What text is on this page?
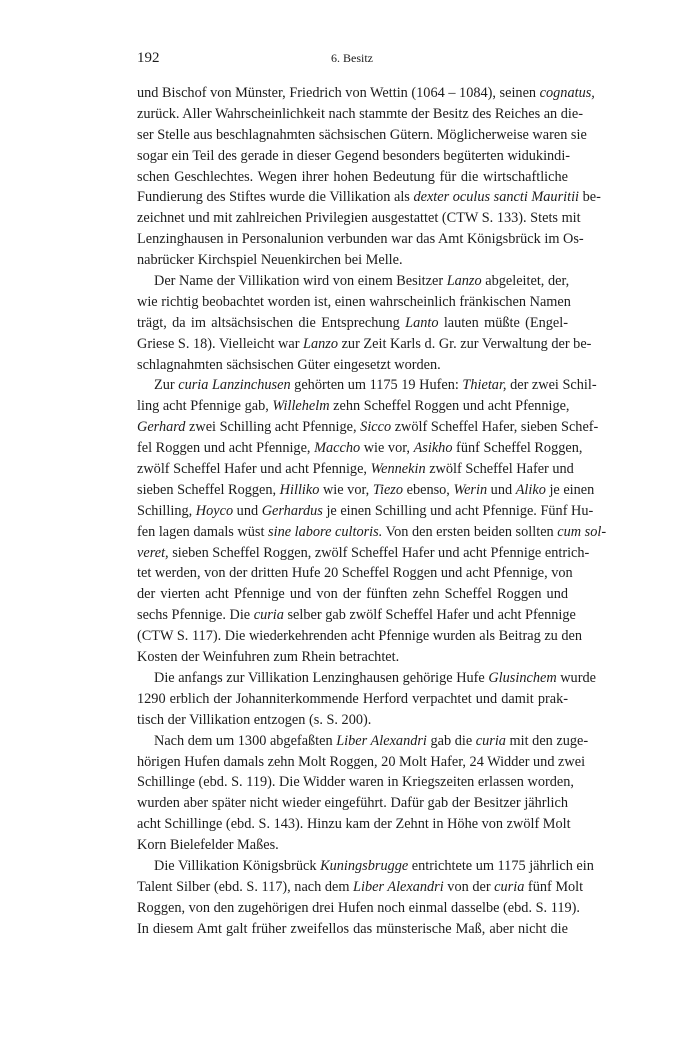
192	6. Besitz
und Bischof von Münster, Friedrich von Wettin (1064 – 1084), seinen cognatus,
zurück. Aller Wahrscheinlichkeit nach stammte der Besitz des Reiches an die-
ser Stelle aus beschlagnahmten sächsischen Gütern. Möglicherweise waren sie
sogar ein Teil des gerade in dieser Gegend besonders begüterten widukindi-
schen Geschlechtes. Wegen ihrer hohen Bedeutung für die wirtschaftliche
Fundierung des Stiftes wurde die Villikation als dexter oculus sancti Mauritii be-
zeichnet und mit zahlreichen Privilegien ausgestattet (CTW S. 133). Stets mit
Lenzinghausen in Personalunion verbunden war das Amt Königsbrück im Os-
nabrücker Kirchspiel Neuenkirchen bei Melle.
Der Name der Villikation wird von einem Besitzer Lanzo abgeleitet, der,
wie richtig beobachtet worden ist, einen wahrscheinlich fränkischen Namen
trägt, da im altsächsischen die Entsprechung Lanto lauten müßte (Engel-
Griese S. 18). Vielleicht war Lanzo zur Zeit Karls d. Gr. zur Verwaltung der be-
schlagnahmten sächsischen Güter eingesetzt worden.
Zur curia Lanzinchusen gehörten um 1175 19 Hufen: Thietar, der zwei Schil-
ling acht Pfennige gab, Willehelm zehn Scheffel Roggen und acht Pfennige,
Gerhard zwei Schilling acht Pfennige, Sicco zwölf Scheffel Hafer, sieben Schef-
fel Roggen und acht Pfennige, Maccho wie vor, Asikho fünf Scheffel Roggen,
zwölf Scheffel Hafer und acht Pfennige, Wennekin zwölf Scheffel Hafer und
sieben Scheffel Roggen, Hilliko wie vor, Tiezo ebenso, Werin und Aliko je einen
Schilling, Hoyco und Gerhardus je einen Schilling und acht Pfennige. Fünf Hu-
fen lagen damals wüst sine labore cultoris. Von den ersten beiden sollten cum sol-
veret, sieben Scheffel Roggen, zwölf Scheffel Hafer und acht Pfennige entrich-
tet werden, von der dritten Hufe 20 Scheffel Roggen und acht Pfennige, von
der vierten acht Pfennige und von der fünften zehn Scheffel Roggen und
sechs Pfennige. Die curia selber gab zwölf Scheffel Hafer und acht Pfennige
(CTW S. 117). Die wiederkehrenden acht Pfennige wurden als Beitrag zu den
Kosten der Weinfuhren zum Rhein betrachtet.
Die anfangs zur Villikation Lenzinghausen gehörige Hufe Glusinchem wurde
1290 erblich der Johanniterkommende Herford verpachtet und damit prak-
tisch der Villikation entzogen (s. S. 200).
Nach dem um 1300 abgefaßten Liber Alexandri gab die curia mit den zuge-
hörigen Hufen damals zehn Molt Roggen, 20 Molt Hafer, 24 Widder und zwei
Schillinge (ebd. S. 119). Die Widder waren in Kriegszeiten erlassen worden,
wurden aber später nicht wieder eingeführt. Dafür gab der Besitzer jährlich
acht Schillinge (ebd. S. 143). Hinzu kam der Zehnt in Höhe von zwölf Molt
Korn Bielefelder Maßes.
Die Villikation Königsbrück Kuningsbrugge entrichtete um 1175 jährlich ein
Talent Silber (ebd. S. 117), nach dem Liber Alexandri von der curia fünf Molt
Roggen, von den zugehörigen drei Hufen noch einmal dasselbe (ebd. S. 119).
In diesem Amt galt früher zweifellos das münsterische Maß, aber nicht die
